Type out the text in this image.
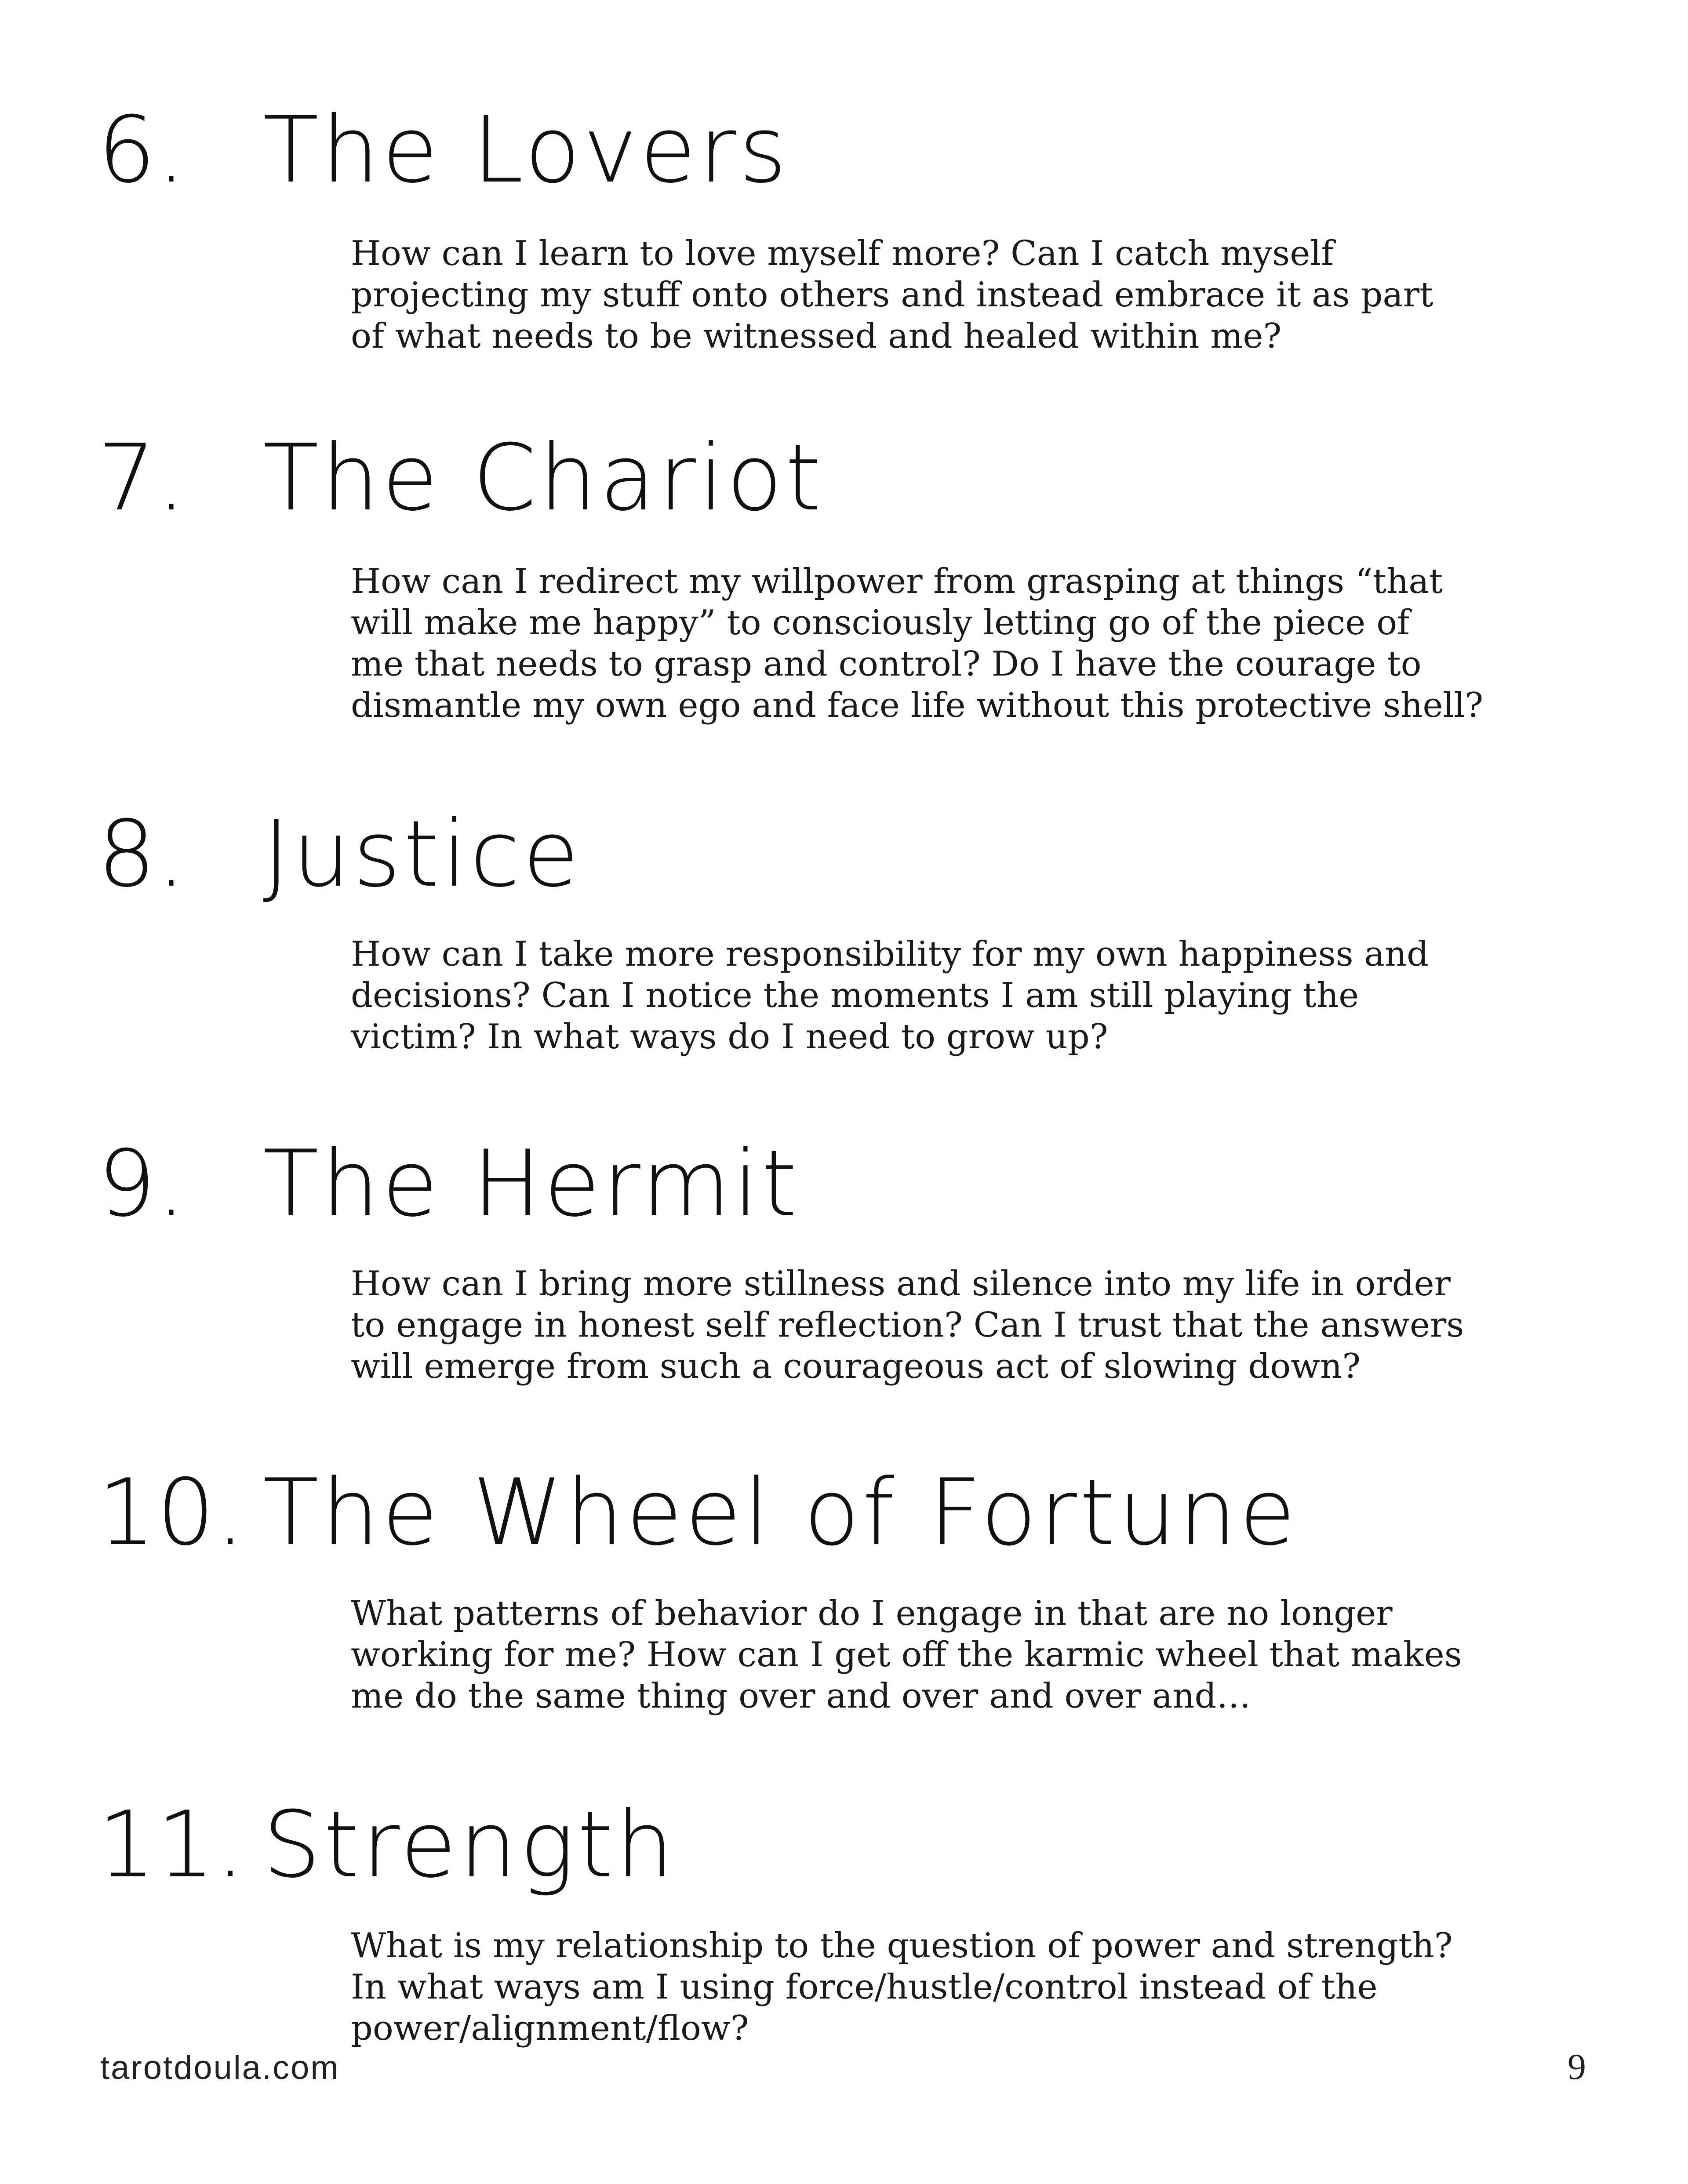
6. The Lovers
How can I learn to love myself more? Can I catch myself
projecting my stuff onto others and instead embrace it as part
of what needs to be witnessed and healed within me?
7. The Chariot
How can I redirect my willpower from grasping at things “that
will make me happy” to consciously letting go of the piece of
me that needs to grasp and control? Do I have the courage to
dismantle my own ego and face life without this protective shell?
8. Justice
How can I take more responsibility for my own happiness and
decisions? Can I notice the moments I am still playing the
victim? In what ways do I need to grow up?
9. The Hermit
How can I bring more stillness and silence into my life in order
to engage in honest self reflection? Can I trust that the answers
will emerge from such a courageous act of slowing down?
10. The Wheel of Fortune
What patterns of behavior do I engage in that are no longer
working for me? How can I get off the karmic wheel that makes
me do the same thing over and over and over and…
11. Strength
What is my relationship to the question of power and strength?
In what ways am I using force/hustle/control instead of the
power/alignment/flow?
tarotdoula.com	9
